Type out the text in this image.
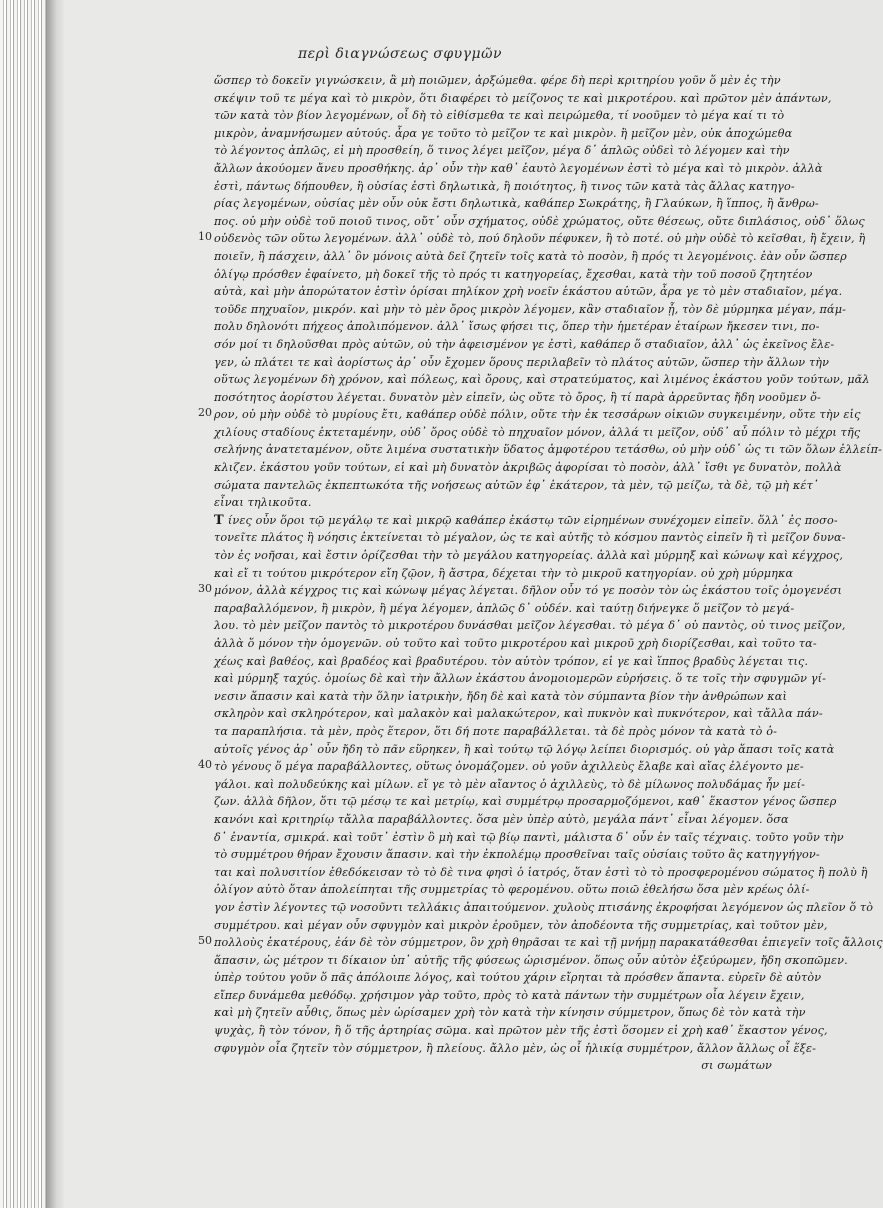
περὶ διαγνώσεως σφυγμῶν
ὥσπερ τὸ δοκεῖν γιγνώσκειν, ἃ μὴ ποιῶμεν, ἀρξώμεθα. φέρε δὴ περὶ κριτηρίου γοῦν ὅ μὲν ἐς τὴν
σκέψιν τοῦ τε μέγα καὶ τὸ μικρὸν, ὅτι διαφέρει τὸ μείζονος τε καὶ μικροτέρου. καὶ πρῶτον μὲν ἁπάντων,
τῶν κατὰ τὸν βίον λεγομένων, οἷ δὴ τὸ εἰθίσμεθα τε καὶ πειρώμεθα, τί νοοῦμεν τὸ μέγα καί τι τὸ
μικρὸν, ἀναμνήσωμεν αὐτούς. ἆρα γε τοῦτο τὸ μεῖζον τε καὶ μικρὸν. ἢ μεῖζον μὲν, οὐκ ἀποχώμεθα
τὸ λέγοντος ἁπλῶς, εἰ μὴ προσθείη, ὅ τινος λέγει μεῖζον, μέγα δ᾽ ἁπλῶς οὐδεὶ τὸ λέγομεν καὶ τὴν
ἄλλων ἀκούομεν ἄνευ προσθήκης. ἀρ᾽ οὖν τὴν καθ᾽ ἑαυτὸ λεγομένων ἐστὶ τὸ μέγα καὶ τὸ μικρὸν. ἀλλὰ
ἐστὶ, πάντως δήπουθεν, ἢ οὐσίας ἐστὶ δηλωτικὰ, ἢ ποιότητος, ἢ τινος τῶν κατὰ τὰς ἄλλας κατηγο-
ρίας λεγομένων, οὐσίας μὲν οὖν οὐκ ἔστι δηλωτικὰ, καθάπερ Σωκράτης, ἢ Γλαύκων, ἢ ἵππος, ἢ ἄνθρω-
πος. οὐ μὴν οὐδὲ τοῦ ποιοῦ τινος, οὔτ᾽ οὖν σχήματος, οὐδὲ χρώματος, οὔτε θέσεως, οὔτε διπλάσιος, οὐδ᾽ ὅλως
10 οὐδενὸς τῶν οὕτω λεγομένων. ἀλλ᾽ οὐδὲ τὸ, πού δηλοῦν πέφυκεν, ἢ τὸ ποτέ. οὐ μὴν οὐδὲ τὸ κεῖσθαι, ἢ ἔχειν, ἢ
ποιεῖν, ἢ πάσχειν, ἀλλ᾽ ὃν μόνοις αὐτὰ δεῖ ζητεῖν τοῖς κατὰ τὸ ποσὸν, ἢ πρός τι λεγομένοις. ἐὰν οὖν ὥσπερ
ὀλίγῳ πρόσθεν ἐφαίνετο, μὴ δοκεῖ τῆς τὸ πρός τι κατηγορείας, ἔχεσθαι, κατὰ τὴν τοῦ ποσοῦ ζητητέον
αὐτὰ, καὶ μὴν ἀπορώτατον ἐστὶν ὁρίσαι πηλίκον χρὴ νοεῖν ἑκάστου αὐτῶν, ἆρα γε τὸ μὲν σταδιαῖον, μέγα.
τοῦδε πηχυαῖον, μικρόν. καὶ μὴν τὸ μὲν ὄρος μικρὸν λέγομεν, κἂν σταδιαῖον ᾖ, τὸν δὲ μύρμηκα μέγαν, πάμ-
πολυ δηλονότι πήχεος ἀπολιπόμενον. ἀλλ᾽ ἴσως φήσει τις, ὅπερ τὴν ἡμετέραν ἑταίρων ἤκεσεν τινι, πο-
σόν μοί τι δηλοῦσθαι πρὸς αὐτῶν, οὐ τὴν ἀφεισμένον γε ἐστὶ, καθάπερ ὅ σταδιαῖον, ἀλλ᾽ ὡς ἐκεῖνος ἔλε-
γεν, ὡ πλάτει τε καὶ ἀορίστως ἀρ᾽ οὖν ἔχομεν ὅρους περιλαβεῖν τὸ πλάτος αὐτῶν, ὥσπερ τὴν ἄλλων τὴν
οὕτως λεγομένων δὴ χρόνον, καὶ πόλεως, καὶ ὄρους, καὶ στρατεύματος, καὶ λιμένος ἑκάστου γοῦν τούτων, μᾶλ
ποσότητος ἀορίστου λέγεται. δυνατὸν μὲν εἰπεῖν, ὡς οὔτε τὸ ὄρος, ἢ τί παρὰ ἀρρεῦντας ἤδη νοοῦμεν ὄ-
20 ρον, οὐ μὴν οὐδὲ τὸ μυρίους ἔτι, καθάπερ οὐδὲ πόλιν, οὔτε τὴν ἐκ τεσσάρων οἰκιῶν συγκειμένην, οὔτε τὴν εἰς
χιλίους σταδίους ἐκτεταμένην, οὐδ᾽ ὅρος οὐδὲ τὸ πηχυαῖον μόνον, ἀλλά τι μεῖζον, οὐδ᾽ αὖ πόλιν τὸ μέχρι τῆς
σελήνης ἀνατεταμένον, οὔτε λιμένα συστατικὴν ὕδατος ἀμφοτέρου τετάσθω, οὐ μὴν οὐδ᾽ ὡς τι τῶν ὅλων ἐλλείπ-
κλιζεν. ἑκάστου γοῦν τούτων, εἰ καὶ μὴ δυνατὸν ἀκριβῶς ἀφορίσαι τὸ ποσὸν, ἀλλ᾽ ἴσθι γε δυνατὸν, πολλὰ
σώματα παντελῶς ἐκπεπτωκότα τῆς νοήσεως αὐτῶν ἐφ᾽ ἑκάτερον, τὰ μὲν, τῷ μείζω, τὰ δὲ, τῷ μὴ κέτ᾽
εἶναι τηλικοῦτα.
T ίνες οὖν ὅροι τῷ μεγάλῳ τε καὶ μικρῷ καθάπερ ἑκάστῳ τῶν εἰρημένων συνέχομεν εἰπεῖν. ὅλλ᾽ ἐς ποσο-
τονεῖτε πλάτος ἢ νόησις ἐκτείνεται τὸ μέγαλον, ὡς τε καὶ αὐτῆς τὸ κόσμου παντὸς εἰπεῖν ἢ τὶ μεῖζον δυνα-
τὸν ἐς νοῆσαι, καὶ ἔστιν ὁρίζεσθαι τὴν τὸ μεγάλου κατηγορείας. ἀλλὰ καὶ μύρμηξ καὶ κώνωψ καὶ κέγχρος,
καὶ εἴ τι τούτου μικρότερον εἴη ζῷον, ἢ ἄστρα, δέχεται τὴν τὸ μικροῦ κατηγορίαν. οὐ χρὴ μύρμηκα
30 μόνον, ἀλλὰ κέγχρος τις καὶ κώνωψ μέγας λέγεται. δῆλον οὖν τό γε ποσὸν τὸν ὡς ἑκάστου τοῖς ὁμογενέσι
παραβαλλόμενον, ἢ μικρὸν, ἢ μέγα λέγομεν, ἁπλῶς δ᾽ οὐδέν. καὶ ταύτῃ διήνεγκε ὅ μεῖζον τὸ μεγά-
λου. τὸ μὲν μεῖζον παντὸς τὸ μικροτέρου δυνάσθαι μεῖζον λέγεσθαι. τὸ μέγα δ᾽ οὐ παντὸς, οὐ τινος μεῖζον,
ἀλλὰ ὅ μόνον τὴν ὁμογενῶν. οὐ τοῦτο καὶ τοῦτο μικροτέρου καὶ μικροῦ χρὴ διορίζεσθαι, καὶ τοῦτο τα-
χέως καὶ βαθέος, καὶ βραδέος καὶ βραδυτέρου. τὸν αὐτὸν τρόπον, εἰ γε καὶ ἵππος βραδὺς λέγεται τις.
καὶ μύρμηξ ταχύς. ὁμοίως δὲ καὶ τὴν ἄλλων ἑκάστου ἀνομοιομερῶν εὑρήσεις. ὅ τε τοῖς τὴν σφυγμῶν γί-
νεσιν ἅπασιν καὶ κατὰ τὴν ὅλην ἰατρικὴν, ἤδη δὲ καὶ κατὰ τὸν σύμπαντα βίον τὴν ἀνθρώπων καὶ
σκληρὸν καὶ σκληρότερον, καὶ μαλακὸν καὶ μαλακώτερον, καὶ πυκνὸν καὶ πυκνότερον, καὶ τἄλλα πάν-
τα παραπλήσια. τὰ μὲν, πρὸς ἕτερον, ὅτι δή ποτε παραβάλλεται. τὰ δὲ πρὸς μόνον τὰ κατὰ τὸ ὁ-
αὐτοῖς γένος ἀρ᾽ οὖν ἤδη τὸ πᾶν εὕρηκεν, ἢ καὶ τούτῳ τῷ λόγῳ λείπει διορισμός. οὐ γὰρ ἅπασι τοῖς κατὰ
40 τὸ γένους ὅ μέγα παραβάλλοντες, οὕτως ὀνομάζομεν. οὐ γοῦν ἀχιλλεὺς ἔλαβε καὶ αἴας ἐλέγοντο με-
γάλοι. καὶ πολυδεύκης καὶ μίλων. εἴ γε τὸ μὲν αἴαντος ὁ ἀχιλλεὺς, τὸ δὲ μίλωνος πολυδάμας ἦν μεί-
ζων. ἀλλὰ δῆλον, ὅτι τῷ μέσῳ τε καὶ μετρίῳ, καὶ συμμέτρῳ προσαρμοζόμενοι, καθ᾽ ἕκαστον γένος ὥσπερ
κανόνι καὶ κριτηρίῳ τἄλλα παραβάλλοντες. ὅσα μὲν ὑπὲρ αὐτὸ, μεγάλα πάντ᾽ εἶναι λέγομεν. ὅσα
δ᾽ ἐναντία, σμικρά. καὶ τοῦτ᾽ ἐστὶν ὃ μὴ καὶ τῷ βίῳ παντὶ, μάλιστα δ᾽ οὖν ἐν ταῖς τέχναις. τοῦτο γοῦν τὴν
τὸ συμμέτρου θήραν ἔχουσιν ἅπασιν. καὶ τὴν ἐκπολέμῳ προσθεῖναι ταῖς οὐσίαις τοῦτο ἂς κατηγγήγον-
ται καὶ πολυσιτίον ἐθεδόκεισαν τὸ τὸ δὲ τινα φησὶ ὁ ἰατρός, ὅταν ἐστὶ τὸ τὸ προσφερομένου σώματος ἢ πολὺ ἢ
ὀλίγον αὐτὸ ὅταν ἀπολείπηται τῆς συμμετρίας τὸ φερομένου. οὕτω ποιῶ ἐθελήσω ὅσα μὲν κρέως ὀλί-
γον ἐστὶν λέγοντες τῷ νοσοῦντι τελλάκις ἀπαιτούμενον. χυλοὺς πτισάνης ἐκροφήσαι λεγόμενον ὡς πλεῖον ὅ τὸ
συμμέτρου. καὶ μέγαν οὖν σφυγμὸν καὶ μικρὸν ἐροῦμεν, τὸν ἀποδέοντα τῆς συμμετρίας, καὶ τοῦτον μὲν,
50 πολλοὺς ἑκατέρους, ἐάν δὲ τὸν σύμμετρον, ὃν χρὴ θηρᾶσαι τε καὶ τῇ μνήμῃ παρακατάθεσθαι ἐπιεγεῖν τοῖς ἄλλοις
ἅπασιν, ὡς μέτρον τι δίκαιον ὑπ᾽ αὐτῆς τῆς φύσεως ὡρισμένον. ὅπως οὖν αὐτὸν ἐξεύρωμεν, ἤδη σκοπῶμεν.
ὑπὲρ τούτου γοῦν ὅ πᾶς ἀπόλοιπε λόγος, καὶ τούτου χάριν εἴρηται τὰ πρόσθεν ἅπαντα. εὑρεῖν δὲ αὐτὸν
εἴπερ δυνάμεθα μεθόδῳ. χρήσιμον γὰρ τοῦτο, πρὸς τὸ κατὰ πάντων τὴν συμμέτρων οἷα λέγειν ἔχειν,
καὶ μὴ ζητεῖν αὖθις, ὅπως μὲν ὡρίσαμεν χρὴ τὸν κατὰ τὴν κίνησιν σύμμετρον, ὅπως δὲ τὸν κατὰ τὴν
ψυχὰς, ἢ τὸν τόνον, ἢ ὅ τῆς ἀρτηρίας σῶμα. καὶ πρῶτον μὲν τῆς ἐστὶ ὅσομεν εἰ χρὴ καθ᾽ ἕκαστον γένος,
σφυγμὸν οἷα ζητεῖν τὸν σύμμετρον, ἢ πλείους. ἄλλο μὲν, ὡς οἷ ἡλικίᾳ συμμέτρον, ἄλλον ἄλλως οἷ ἕξε-
σι σωμάτων
